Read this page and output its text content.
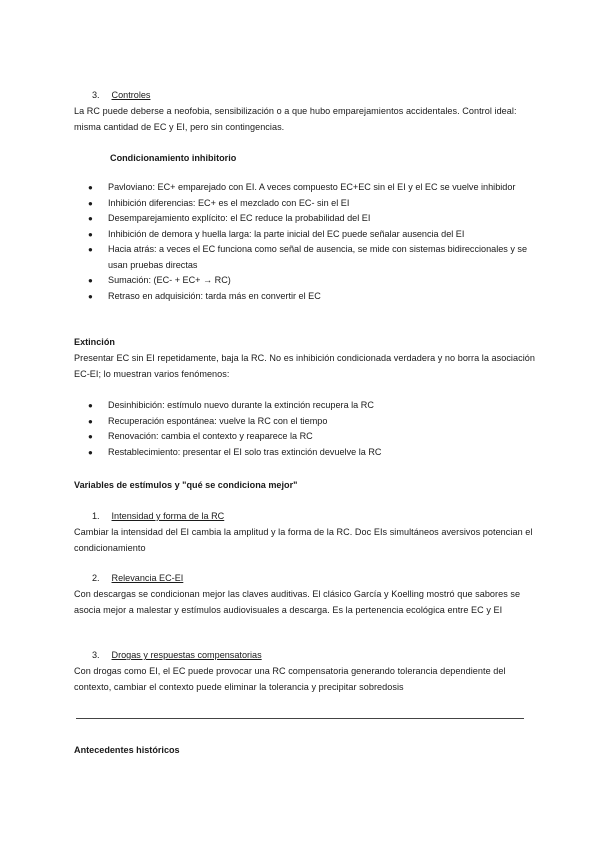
3. Controles
La RC puede deberse a neofobia, sensibilización o a que hubo emparejamientos accidentales. Control ideal: misma cantidad de EC y EI, pero sin contingencias.
Condicionamiento inhibitorio
● Pavloviano: EC+ emparejado con EI. A veces compuesto EC+EC sin el EI y el EC se vuelve inhibidor
● Inhibición diferencias: EC+ es el mezclado con EC- sin el EI
● Desemparejamiento explícito: el EC reduce la probabilidad del EI
● Inhibición de demora y huella larga: la parte inicial del EC puede señalar ausencia del EI
● Hacia atrás: a veces el EC funciona como señal de ausencia, se mide con sistemas bidireccionales y se usan pruebas directas
● Sumación: (EC- + EC+ → RC)
● Retraso en adquisición: tarda más en convertir el EC
Extinción
Presentar EC sin EI repetidamente, baja la RC. No es inhibición condicionada verdadera y no borra la asociación EC-EI; lo muestran varios fenómenos:
● Desinhibición: estímulo nuevo durante la extinción recupera la RC
● Recuperación espontánea: vuelve la RC con el tiempo
● Renovación: cambia el contexto y reaparece la RC
● Restablecimiento: presentar el EI solo tras extinción devuelve la RC
Variables de estímulos y "qué se condiciona mejor"
1. Intensidad y forma de la RC
Cambiar la intensidad del EI cambia la amplitud y la forma de la RC. Doc EIs simultáneos aversivos potencian el condicionamiento
2. Relevancia EC-EI
Con descargas se condicionan mejor las claves auditivas. El clásico García y Koelling mostró que sabores se asocia mejor a malestar y estímulos audiovisuales a descarga. Es la pertenencia ecológica entre EC y EI
3. Drogas y respuestas compensatorias
Con drogas como EI, el EC puede provocar una RC compensatoria generando tolerancia dependiente del contexto, cambiar el contexto puede eliminar la tolerancia y precipitar sobredosis
Antecedentes históricos
